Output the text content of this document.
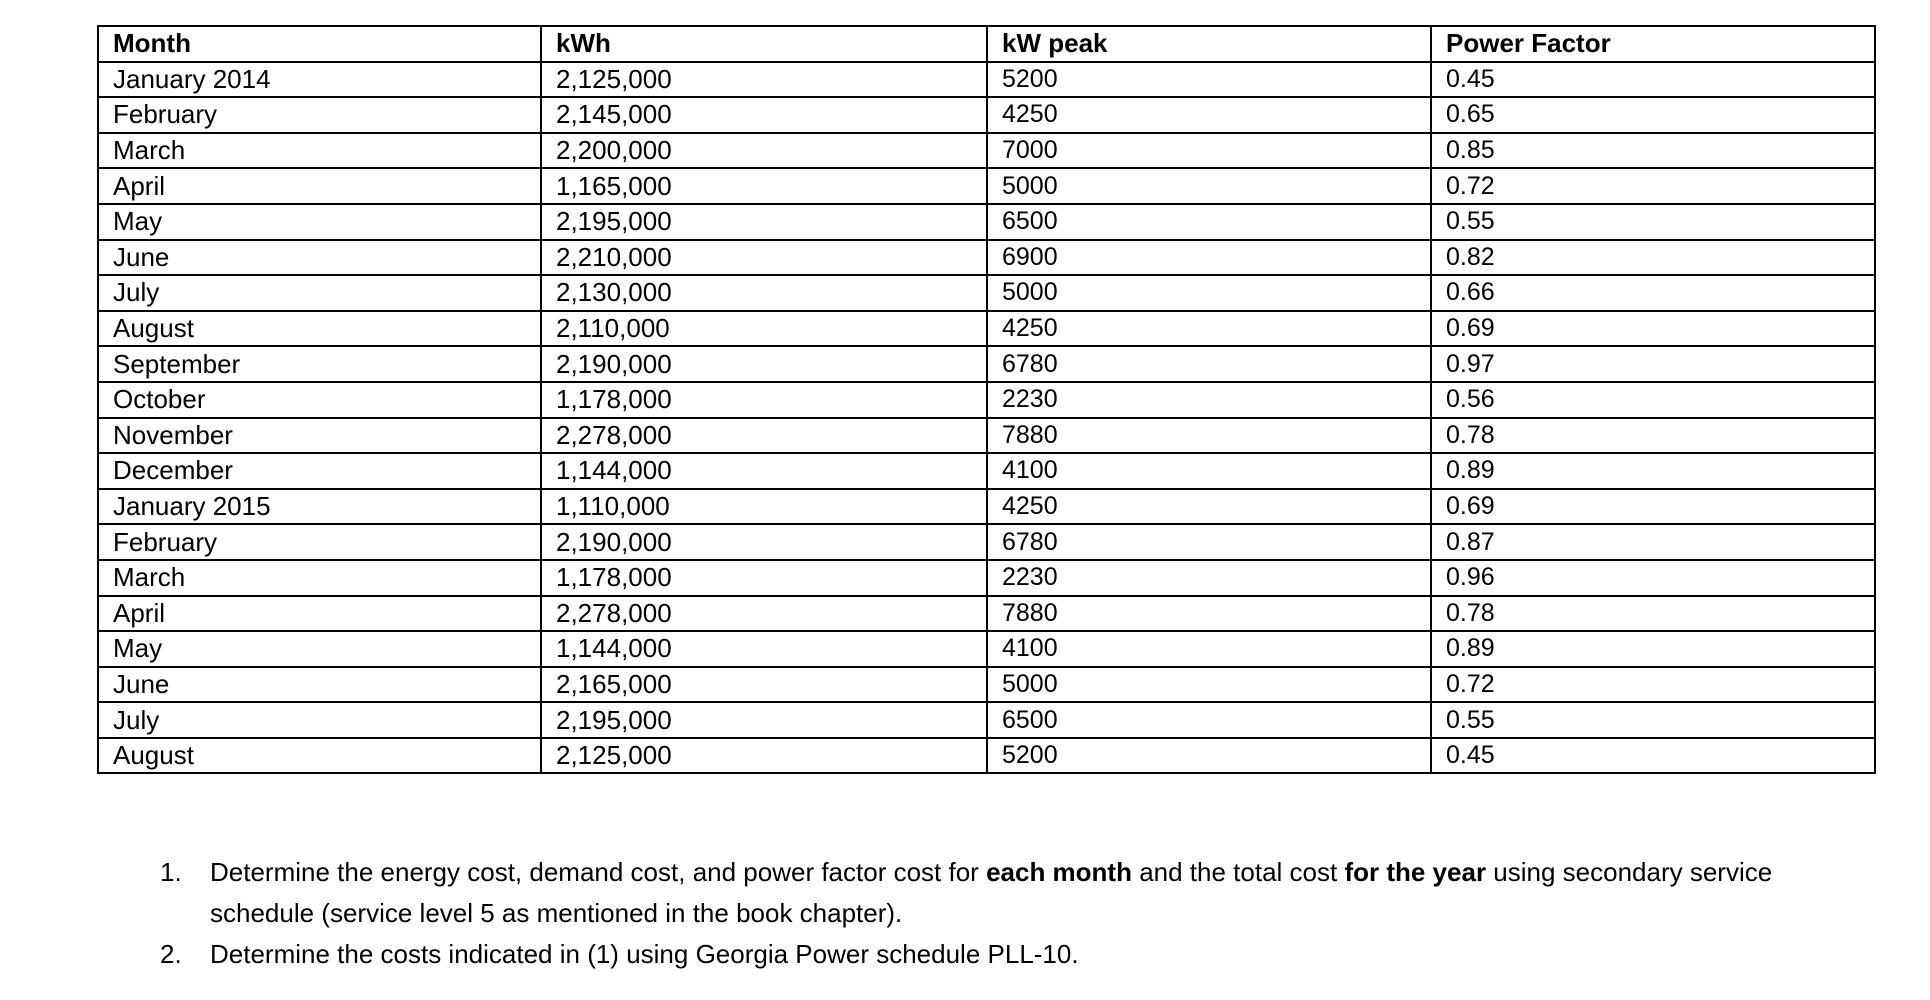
Month	kWh	kW peak	Power Factor
January 2014	2,125,000	5200	0.45
February	2,145,000	4250	0.65
March	2,200,000	7000	0.85
April	1,165,000	5000	0.72
May	2,195,000	6500	0.55
June	2,210,000	6900	0.82
July	2,130,000	5000	0.66
August	2,110,000	4250	0.69
September	2,190,000	6780	0.97
October	1,178,000	2230	0.56
November	2,278,000	7880	0.78
December	1,144,000	4100	0.89
January 2015	1,110,000	4250	0.69
February	2,190,000	6780	0.87
March	1,178,000	2230	0.96
April	2,278,000	7880	0.78
May	1,144,000	4100	0.89
June	2,165,000	5000	0.72
July	2,195,000	6500	0.55
August	2,125,000	5200	0.45
1. Determine the energy cost, demand cost, and power factor cost for each month and the total cost for the year using secondary service schedule (service level 5 as mentioned in the book chapter).
2. Determine the costs indicated in (1) using Georgia Power schedule PLL-10.
